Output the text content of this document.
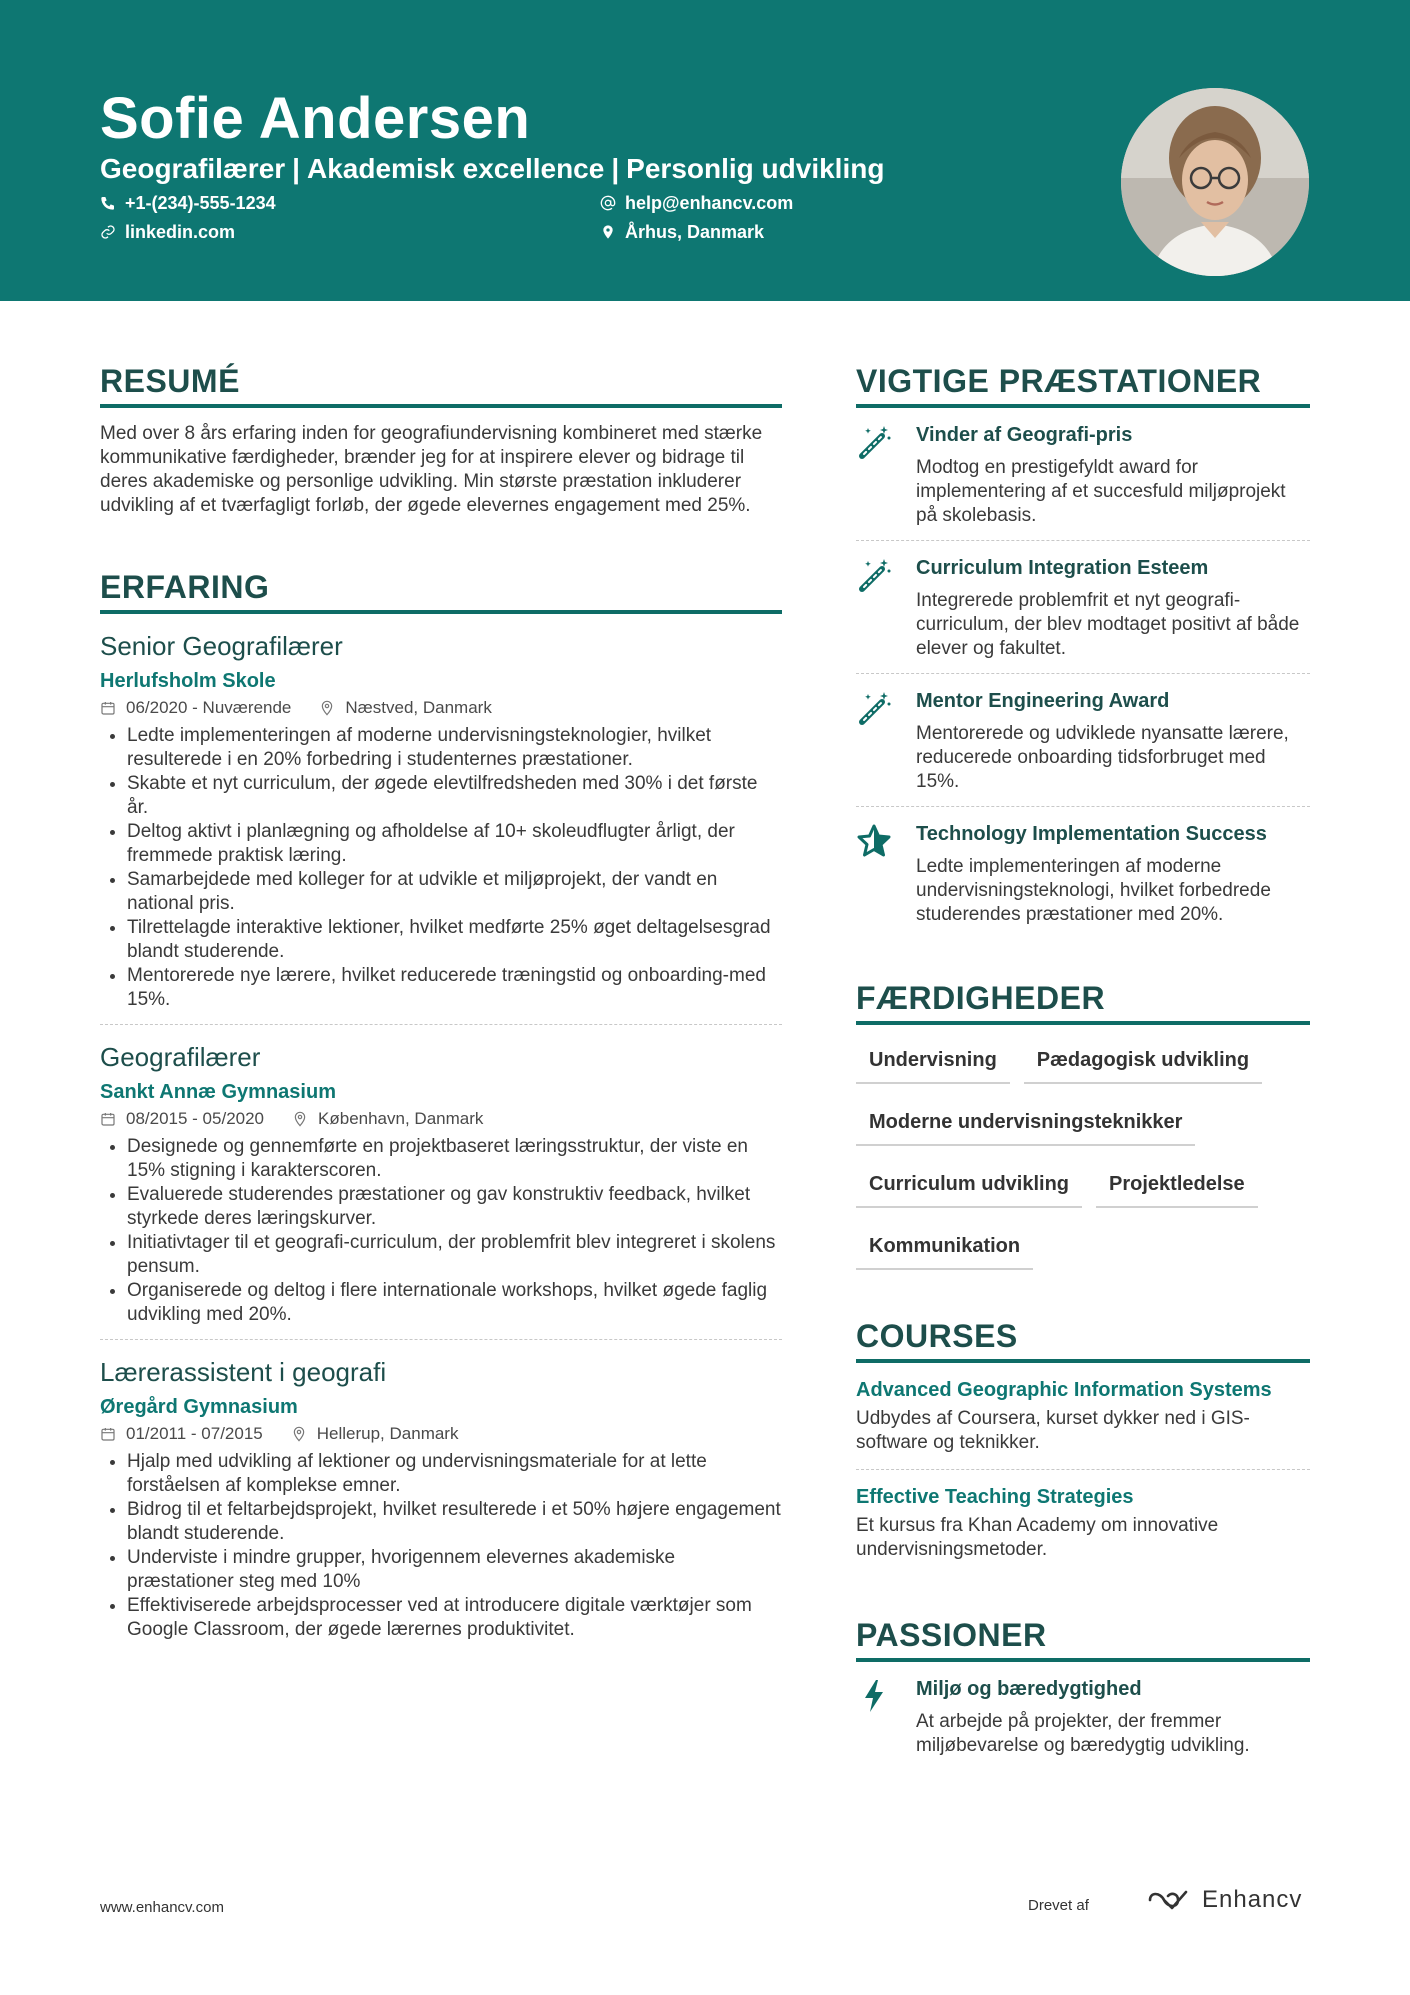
Sofie Andersen
Geografilærer | Akademisk excellence | Personlig udvikling
+1-(234)-555-1234	help@enhancv.com
linkedin.com	Århus, Danmark
RESUMÉ

Med over 8 års erfaring inden for geografiundervisning kombineret med stærke kommunikative færdigheder, brænder jeg for at inspirere elever og bidrage til deres akademiske og personlige udvikling. Min største præstation inkluderer udvikling af et tværfagligt forløb, der øgede elevernes engagement med 25%.

ERFARING

Senior Geografilærer

Herlufsholm Skole

06/2020 - Nuværende	Næstved, Danmark
• Ledte implementeringen af moderne undervisningsteknologier, hvilket resulterede i en 20% forbedring i studenternes præstationer.
• Skabte et nyt curriculum, der øgede elevtilfredsheden med 30% i det første år.
• Deltog aktivt i planlægning og afholdelse af 10+ skoleudflugter årligt, der fremmede praktisk læring.
• Samarbejdede med kolleger for at udvikle et miljøprojekt, der vandt en national pris.
• Tilrettelagde interaktive lektioner, hvilket medførte 25% øget deltagelsesgrad blandt studerende.
• Mentorerede nye lærere, hvilket reducerede træningstid og onboarding-med 15%.

Geografilærer

Sankt Annæ Gymnasium

08/2015 - 05/2020	København, Danmark
• Designede og gennemførte en projektbaseret læringsstruktur, der viste en 15% stigning i karakterscoren.
• Evaluerede studerendes præstationer og gav konstruktiv feedback, hvilket styrkede deres læringskurver.
• Initiativtager til et geografi-curriculum, der problemfrit blev integreret i skolens pensum.
• Organiserede og deltog i flere internationale workshops, hvilket øgede faglig udvikling med 20%.

Lærerassistent i geografi

Øregård Gymnasium

01/2011 - 07/2015	Hellerup, Danmark
• Hjalp med udvikling af lektioner og undervisningsmateriale for at lette forståelsen af komplekse emner.
• Bidrog til et feltarbejdsprojekt, hvilket resulterede i et 50% højere engagement blandt studerende.
• Underviste i mindre grupper, hvorigennem elevernes akademiske præstationer steg med 10%
• Effektiviserede arbejdsprocesser ved at introducere digitale værktøjer som Google Classroom, der øgede lærernes produktivitet.
VIGTIGE PRÆSTATIONER

Vinder af Geografi-pris

Modtog en prestigefyldt award for implementering af et succesfuld miljøprojekt på skolebasis.

Curriculum Integration Esteem

Integrerede problemfrit et nyt geografi-curriculum, der blev modtaget positivt af både elever og fakultet.

Mentor Engineering Award

Mentorerede og udviklede nyansatte lærere, reducerede onboarding tidsforbruget med 15%.

Technology Implementation Success

Ledte implementeringen af moderne undervisningsteknologi, hvilket forbedrede studerendes præstationer med 20%.

FÆRDIGHEDER
Undervisning	Pædagogisk udvikling
Moderne undervisningsteknikker
Curriculum udvikling	Projektledelse
Kommunikation
COURSES

Advanced Geographic Information Systems

Udbydes af Coursera, kurset dykker ned i GIS-software og teknikker.

Effective Teaching Strategies

Et kursus fra Khan Academy om innovative undervisningsmetoder.

PASSIONER

Miljø og bæredygtighed

At arbejde på projekter, der fremmer miljøbevarelse og bæredygtig udvikling.

www.enhancv.com	Drevet af	Enhancv
